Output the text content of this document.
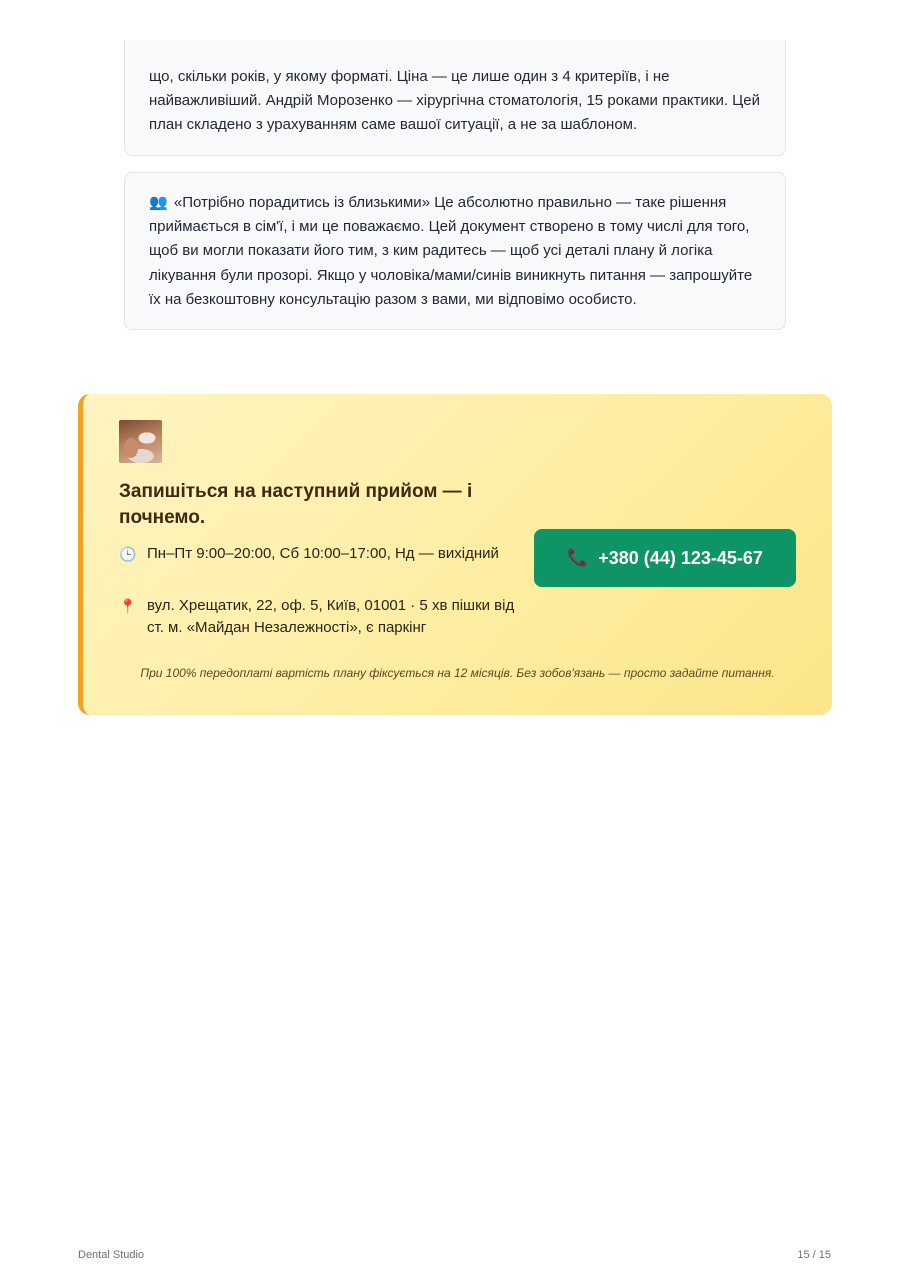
що, скільки років, у якому форматі. Ціна — це лише один з 4 критеріїв, і не найважливіший. Андрій Морозенко — хірургічна стоматологія, 15 роками практики. Цей план складено з урахуванням саме вашої ситуації, а не за шаблоном.

👥 «Потрібно порадитись із близькими» Це абсолютно правильно — таке рішення приймається в сім'ї, і ми це поважаємо. Цей документ створено в тому числі для того, щоб ви могли показати його тим, з ким радитесь — щоб усі деталі плану й логіка лікування були прозорі. Якщо у чоловіка/мами/синів виникнуть питання — запрошуйте їх на безкоштовну консультацію разом з вами, ми відповімо особисто.

Запишіться на наступний прийом — і почнемо.
🕒 Пн–Пт 9:00–20:00, Сб 10:00–17:00, Нд — вихідний
📍 вул. Хрещатик, 22, оф. 5, Київ, 01001 · 5 хв пішки від ст. м. «Майдан Незалежності», є паркінг
📞 +380 (44) 123-45-67
При 100% передоплаті вартість плану фіксується на 12 місяців. Без зобов'язань — просто задайте питання.
Dental Studio	15 / 15
